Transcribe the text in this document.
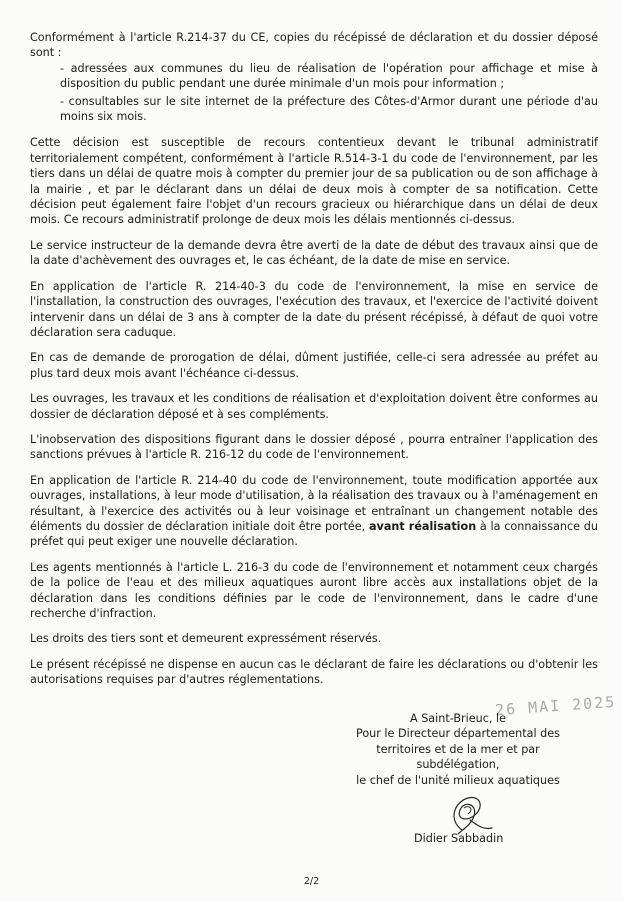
Conformément à l'article R.214-37 du CE, copies du récépissé de déclaration et du dossier déposé sont :

- adressées aux communes du lieu de réalisation de l'opération pour affichage et mise à disposition du public pendant une durée minimale d'un mois pour information ;
- consultables sur le site internet de la préfecture des Côtes-d'Armor durant une période d'au moins six mois.

Cette décision est susceptible de recours contentieux devant le tribunal administratif territorialement compétent, conformément à l'article R.514-3-1 du code de l'environnement, par les tiers dans un délai de quatre mois à compter du premier jour de sa publication ou de son affichage à la mairie , et par le déclarant dans un délai de deux mois à compter de sa notification. Cette décision peut également faire l'objet d'un recours gracieux ou hiérarchique dans un délai de deux mois. Ce recours administratif prolonge de deux mois les délais mentionnés ci-dessus.

Le service instructeur de la demande devra être averti de la date de début des travaux ainsi que de la date d'achèvement des ouvrages et, le cas échéant, de la date de mise en service.

En application de l'article R. 214-40-3 du code de l'environnement, la mise en service de l'installation, la construction des ouvrages, l'exécution des travaux, et l'exercice de l'activité doivent intervenir dans un délai de 3 ans à compter de la date du présent récépissé, à défaut de quoi votre déclaration sera caduque.

En cas de demande de prorogation de délai, dûment justifiée, celle-ci sera adressée au préfet au plus tard deux mois avant l'échéance ci-dessus.

Les ouvrages, les travaux et les conditions de réalisation et d'exploitation doivent être conformes au dossier de déclaration déposé et à ses compléments.

L'inobservation des dispositions figurant dans le dossier déposé , pourra entraîner l'application des sanctions prévues à l'article R. 216-12 du code de l'environnement.

En application de l'article R. 214-40 du code de l'environnement, toute modification apportée aux ouvrages, installations, à leur mode d'utilisation, à la réalisation des travaux ou à l'aménagement en résultant, à l'exercice des activités ou à leur voisinage et entraînant un changement notable des éléments du dossier de déclaration initiale doit être portée, avant réalisation à la connaissance du préfet qui peut exiger une nouvelle déclaration.

Les agents mentionnés à l'article L. 216-3 du code de l'environnement et notamment ceux chargés de la police de l'eau et des milieux aquatiques auront libre accès aux installations objet de la déclaration dans les conditions définies par le code de l'environnement, dans le cadre d'une recherche d'infraction.

Les droits des tiers sont et demeurent expressément réservés.

Le présent récépissé ne dispense en aucun cas le déclarant de faire les déclarations ou d'obtenir les autorisations requises par d'autres réglementations.

26 MAI 2025
A Saint-Brieuc, le
Pour le Directeur départemental des
territoires et de la mer et par
subdélégation,
le chef de l'unité milieux aquatiques
Didier Sabbadin
2/2
